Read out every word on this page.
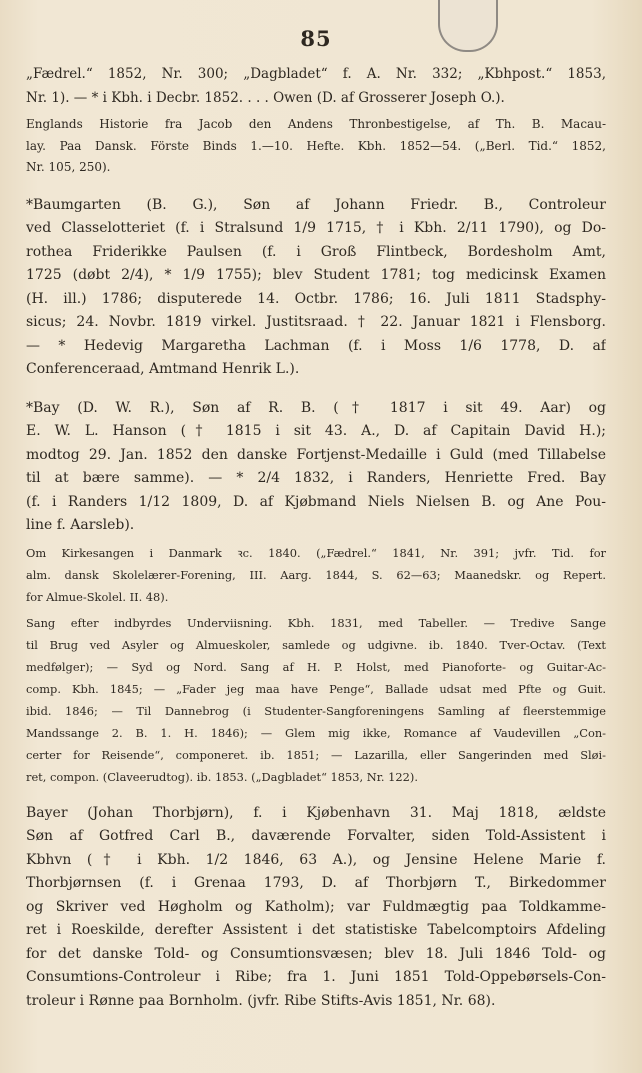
85
„Fædrel.“ 1852, Nr. 300; „Dagbladet“ f. A. Nr. 332; „Kbhpost.“ 1853,
Nr. 1). — * i Kbh. i Decbr. 1852. . . . Owen (D. af Grosserer Joseph O.).
Englands Historie fra Jacob den Andens Thronbestigelse, af Th. B. Macau-
lay. Paa Dansk. Förste Binds 1.—10. Hefte. Kbh. 1852—54. („Berl. Tid.“ 1852,
Nr. 105, 250).
*Baumgarten (B. G.), Søn af Johann Friedr. B., Controleur
ved Classelotteriet (f. i Stralsund 1/9 1715, † i Kbh. 2/11 1790), og Do-
rothea Friderikke Paulsen (f. i Groß Flintbeck, Bordesholm Amt,
1725 (døbt 2/4), * 1/9 1755); blev Student 1781; tog medicinsk Examen
(H. ill.) 1786; disputerede 14. Octbr. 1786; 16. Juli 1811 Stadsphy-
sicus; 24. Novbr. 1819 virkel. Justitsraad. † 22. Januar 1821 i Flensborg.
— * Hedevig Margaretha Lachman (f. i Moss 1/6 1778, D. af
Conferenceraad, Amtmand Henrik L.).
*Bay (D. W. R.), Søn af R. B. († 1817 i sit 49. Aar) og
E. W. L. Hanson († 1815 i sit 43. A., D. af Capitain David H.);
modtog 29. Jan. 1852 den danske Fortjenst-Medaille i Guld (med Tillabelse
til at bære samme). — * 2/4 1832, i Randers, Henriette Fred. Bay
(f. i Randers 1/12 1809, D. af Kjøbmand Niels Nielsen B. og Ane Pou-
line f. Aarsleb).
Om Kirkesangen i Danmark ꝛc. 1840. („Fædrel.“ 1841, Nr. 391; jvfr. Tid. for
alm. dansk Skolelærer-Forening, III. Aarg. 1844, S. 62—63; Maanedskr. og Repert.
for Almue-Skolel. II. 48).
Sang efter indbyrdes Underviisning. Kbh. 1831, med Tabeller. — Tredive Sange
til Brug ved Asyler og Almueskoler, samlede og udgivne. ib. 1840. Tver-Octav. (Text
medfølger); — Syd og Nord. Sang af H. P. Holst, med Pianoforte- og Guitar-Ac-
comp. Kbh. 1845; — „Fader jeg maa have Penge“, Ballade udsat med Pfte og Guit.
ibid. 1846; — Til Dannebrog (i Studenter-Sangforeningens Samling af fleerstemmige
Mandssange 2. B. 1. H. 1846); — Glem mig ikke, Romance af Vaudevillen „Con-
certer for Reisende“, componeret. ib. 1851; — Lazarilla, eller Sangerinden med Sløi-
ret, compon. (Claveerudtog). ib. 1853. („Dagbladet“ 1853, Nr. 122).
Bayer (Johan Thorbjørn), f. i Kjøbenhavn 31. Maj 1818, ældste
Søn af Gotfred Carl B., daværende Forvalter, siden Told-Assistent i
Kbhvn († i Kbh. 1/2 1846, 63 A.), og Jensine Helene Marie f.
Thorbjørnsen (f. i Grenaa 1793, D. af Thorbjørn T., Birkedommer
og Skriver ved Høgholm og Katholm); var Fuldmægtig paa Toldkamme-
ret i Roeskilde, derefter Assistent i det statistiske Tabelcomptoirs Afdeling
for det danske Told- og Consumtionsvæsen; blev 18. Juli 1846 Told- og
Consumtions-Controleur i Ribe; fra 1. Juni 1851 Told-Oppebørsels-Con-
troleur i Rønne paa Bornholm. (jvfr. Ribe Stifts-Avis 1851, Nr. 68).
